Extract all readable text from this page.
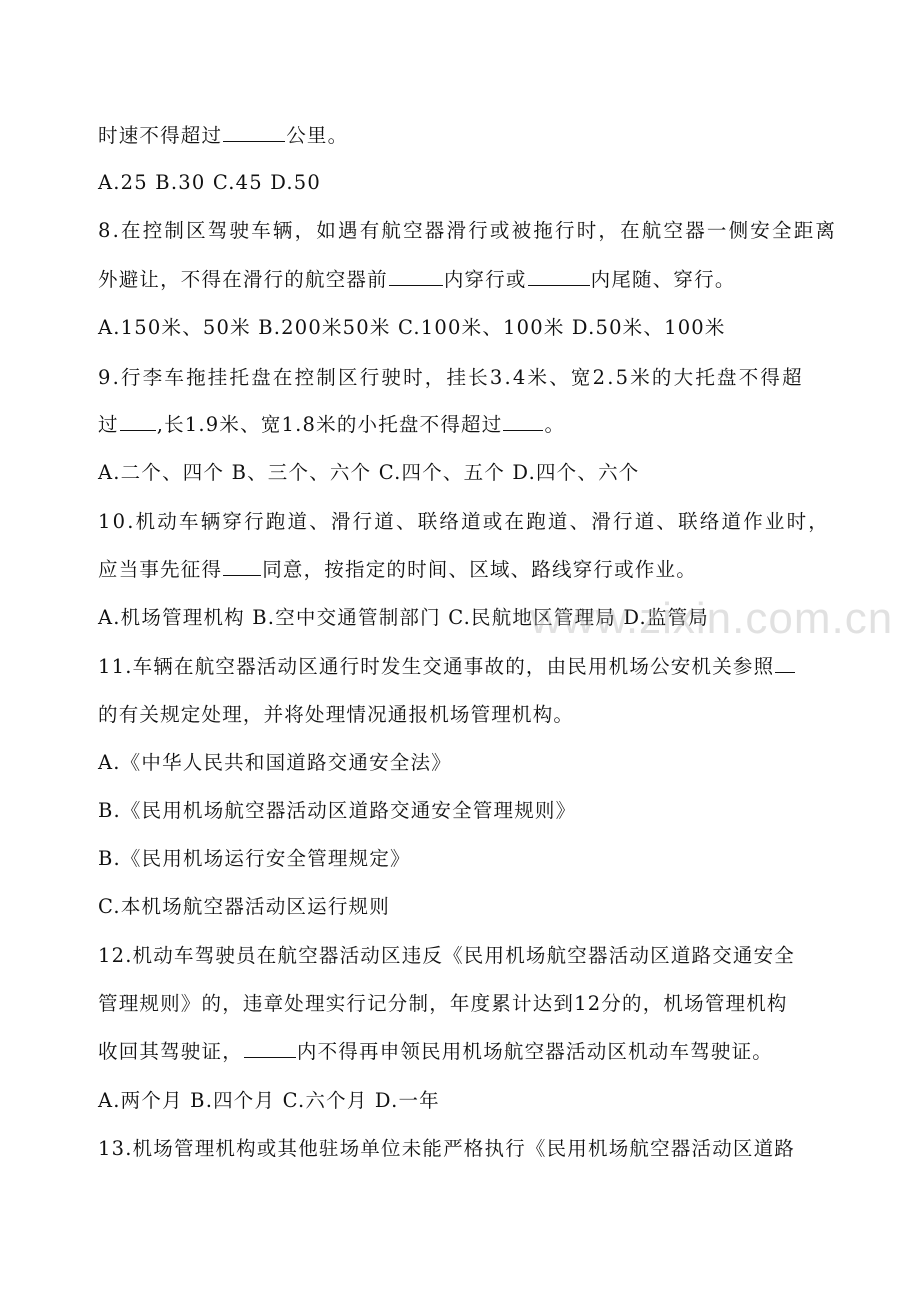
时速不得超过	公里。
A.25 B.30 C.45 D.50
8.在控制区驾驶车辆，如遇有航空器滑行或被拖行时，在航空器一侧安全距离
外避让，不得在滑行的航空器前	内穿行或	内尾随、穿行。
A.150米、50米 B.200米50米 C.100米、100米 D.50米、100米
9.行李车拖挂托盘在控制区行驶时，挂长3.4米、宽2.5米的大托盘不得超
过 ,长1.9米、宽1.8米的小托盘不得超过 。
A.二个、四个 B、三个、六个 C.四个、五个 D.四个、六个
10.机动车辆穿行跑道、滑行道、联络道或在跑道、滑行道、联络道作业时，
应当事先征得 同意，按指定的时间、区域、路线穿行或作业。
A.机场管理机构 B.空中交通管制部门 C.民航地区管理局 D.监管局
11.车辆在航空器活动区通行时发生交通事故的，由民用机场公安机关参照
的有关规定处理，并将处理情况通报机场管理机构。
A.《中华人民共和国道路交通安全法》
B.《民用机场航空器活动区道路交通安全管理规则》
B.《民用机场运行安全管理规定》
C.本机场航空器活动区运行规则
12.机动车驾驶员在航空器活动区违反《民用机场航空器活动区道路交通安全
管理规则》的，违章处理实行记分制，年度累计达到12分的，机场管理机构
收回其驾驶证，	内不得再申领民用机场航空器活动区机动车驾驶证。
A.两个月 B.四个月 C.六个月 D.一年
13.机场管理机构或其他驻场单位未能严格执行《民用机场航空器活动区道路
www.zixin.com.cn
